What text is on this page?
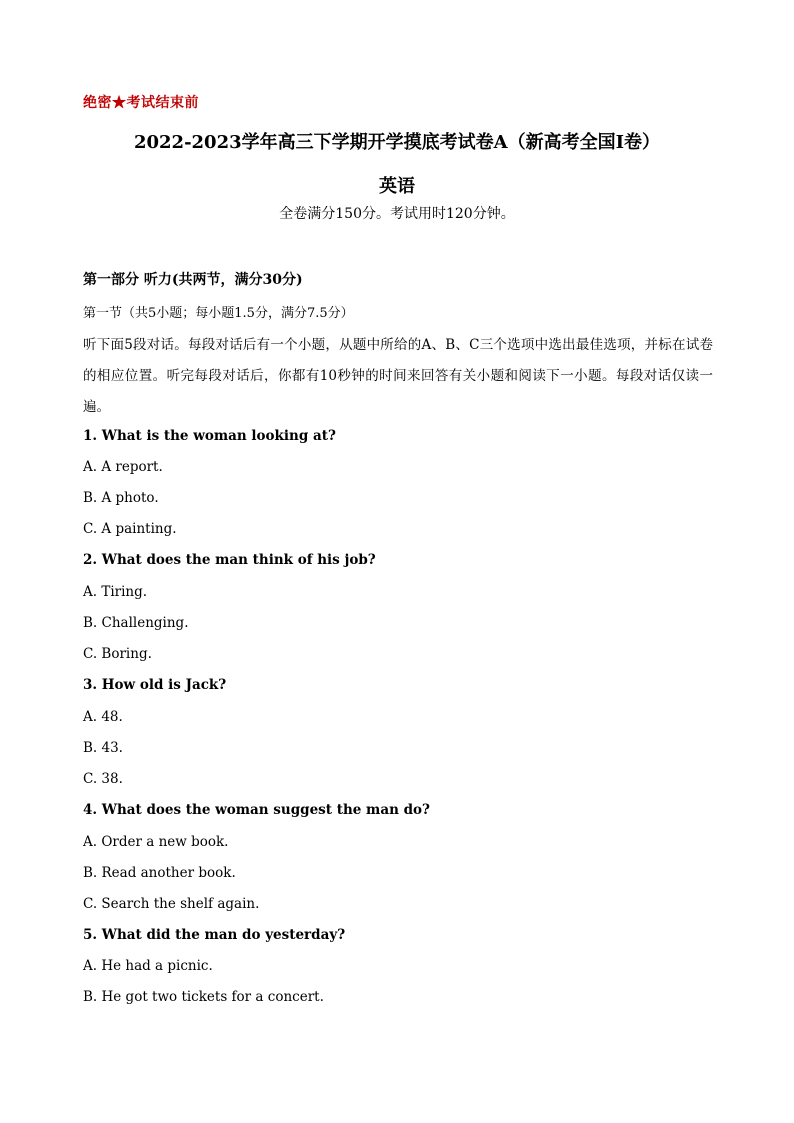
绝密★考试结束前
2022-2023学年高三下学期开学摸底考试卷A（新高考全国I卷）
英语
全卷满分150分。考试用时120分钟。
第一部分 听力(共两节，满分30分)
第一节（共5小题；每小题1.5分，满分7.5分）
听下面5段对话。每段对话后有一个小题，从题中所给的A、B、C三个选项中选出最佳选项，并标在试卷的相应位置。听完每段对话后，你都有10秒钟的时间来回答有关小题和阅读下一小题。每段对话仅读一遍。
1. What is the woman looking at?
A. A report.
B. A photo.
C. A painting.
2. What does the man think of his job?
A. Tiring.
B. Challenging.
C. Boring.
3. How old is Jack?
A. 48.
B. 43.
C. 38.
4. What does the woman suggest the man do?
A. Order a new book.
B. Read another book.
C. Search the shelf again.
5. What did the man do yesterday?
A. He had a picnic.
B. He got two tickets for a concert.
